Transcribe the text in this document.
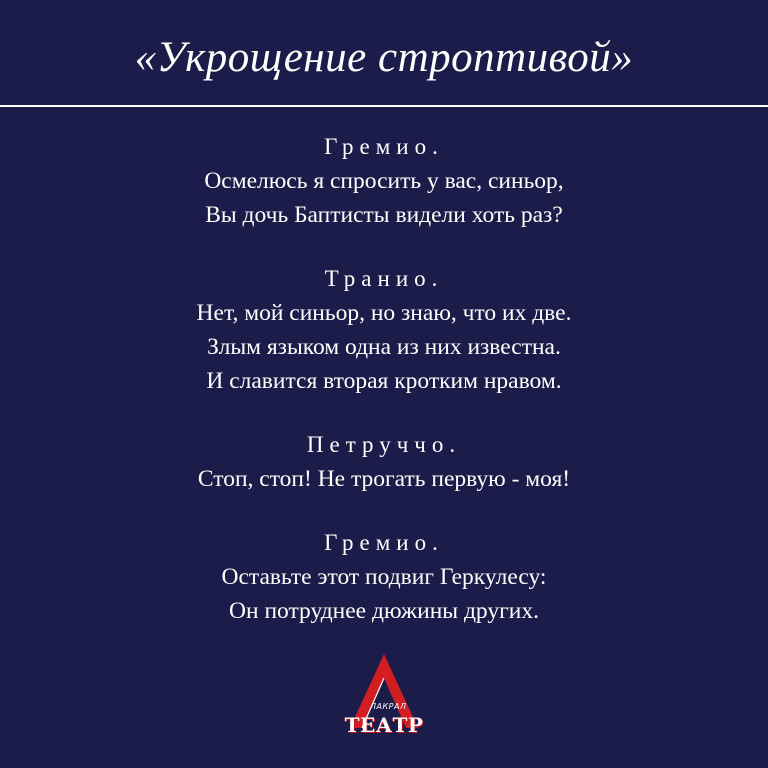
«Укрощение строптивой»
Гремио.
Осмелюсь я спросить у вас, синьор,
Вы дочь Баптисты видели хоть раз?
Транио.
Нет, мой синьор, но знаю, что их две.
Злым языком одна из них известна.
И славится вторая кротким нравом.
Петруччо.
Стоп, стоп! Не трогать первую - моя!
Гремио.
Оставьте этот подвиг Геркулесу:
Он потруднее дюжины других.
ЛАКРАЛ
ТЕАТР
